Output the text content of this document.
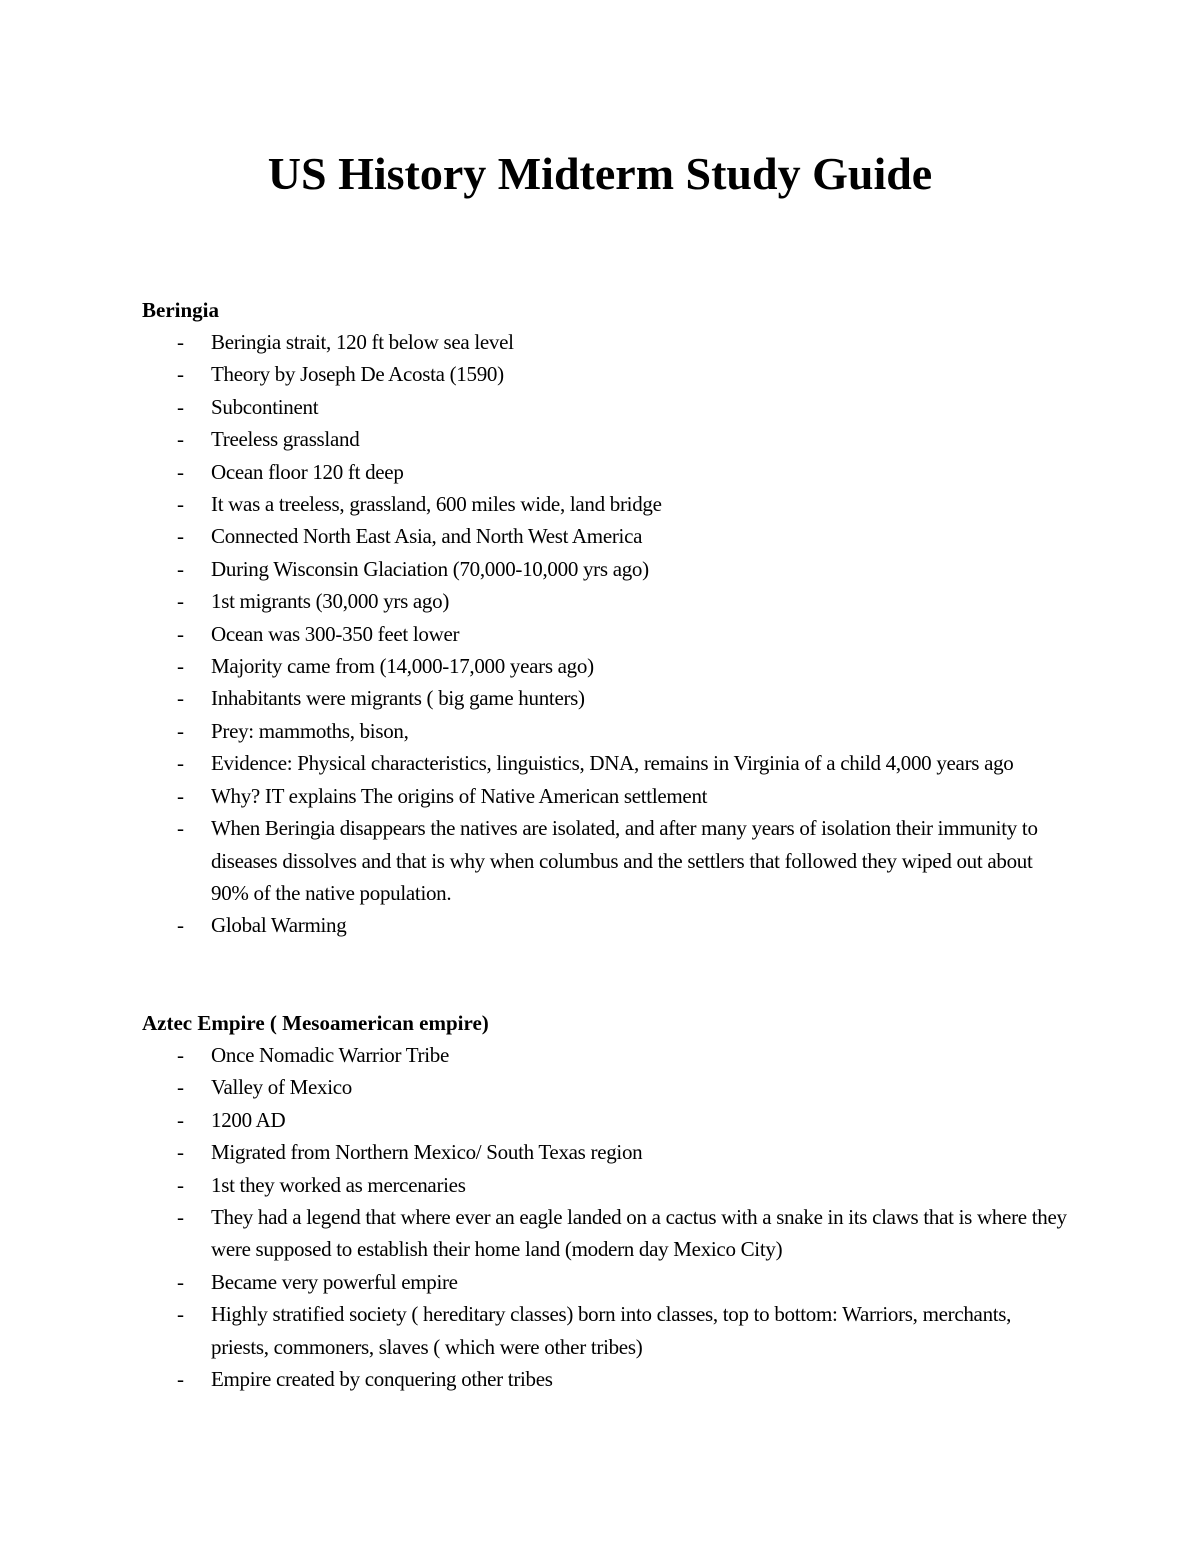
US History Midterm Study Guide
Beringia
- Beringia strait, 120 ft below sea level
- Theory by Joseph De Acosta (1590)
- Subcontinent
- Treeless grassland
- Ocean floor 120 ft deep
- It was a treeless, grassland, 600 miles wide, land bridge
- Connected North East Asia, and North West America
- During Wisconsin Glaciation (70,000-10,000 yrs ago)
- 1st migrants (30,000 yrs ago)
- Ocean was 300-350 feet lower
- Majority came from (14,000-17,000 years ago)
- Inhabitants were migrants ( big game hunters)
- Prey: mammoths, bison,
- Evidence: Physical characteristics, linguistics, DNA, remains in Virginia of a child 4,000 years ago
- Why? IT explains The origins of Native American settlement
- When Beringia disappears the natives are isolated, and after many years of isolation their immunity to diseases dissolves and that is why when columbus and the settlers that followed they wiped out about 90% of the native population.
- Global Warming
Aztec Empire ( Mesoamerican empire)
- Once Nomadic Warrior Tribe
- Valley of Mexico
- 1200 AD
- Migrated from Northern Mexico/ South Texas region
- 1st they worked as mercenaries
- They had a legend that where ever an eagle landed on a cactus with a snake in its claws that is where they were supposed to establish their home land (modern day Mexico City)
- Became very powerful empire
- Highly stratified society ( hereditary classes) born into classes, top to bottom: Warriors, merchants, priests, commoners, slaves ( which were other tribes)
- Empire created by conquering other tribes
